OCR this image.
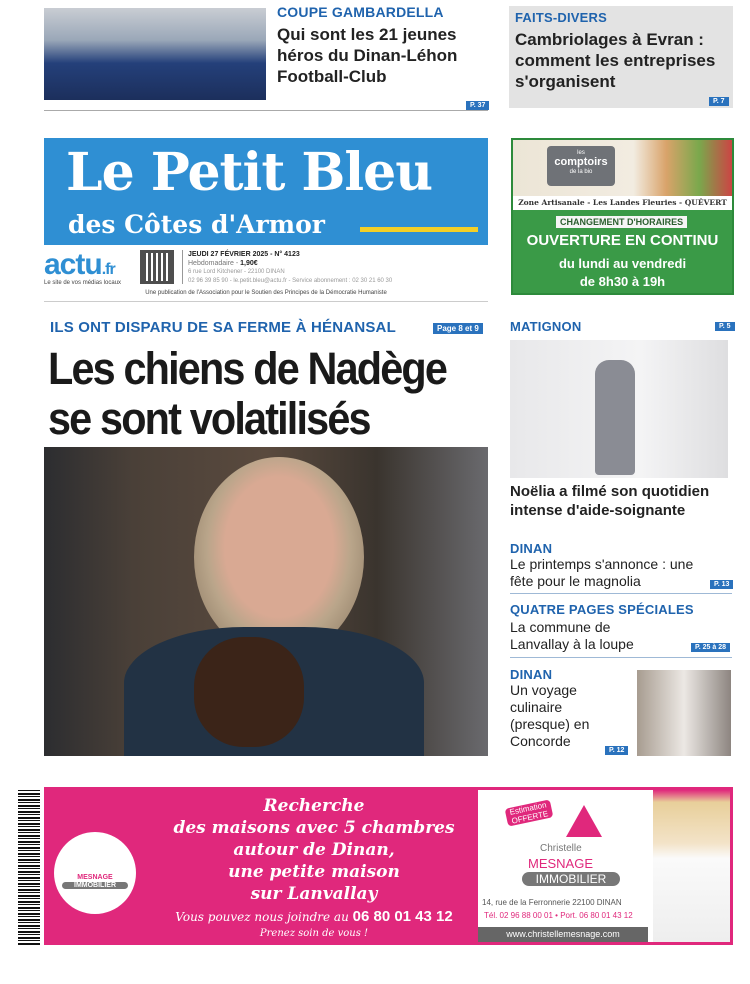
COUPE GAMBARDELLA
Qui sont les 21 jeunes héros du Dinan-Léhon Football-Club
P. 37
FAITS-DIVERS
Cambriolages à Evran : comment les entreprises s'organisent
P. 7
Le Petit Bleu
des Côtes d'Armor
actu.fr
Le site de vos médias locaux
JEUDI 27 FÉVRIER 2025 - N° 4123
Hebdomadaire - 1,90€
6 rue Lord Kitchener - 22100 DINAN
02 96 39 85 90 - le.petit.bleu@actu.fr - Service abonnement : 02 30 21 60 30
Une publication de l'Association pour le Soutien des Principes de la Démocratie Humaniste
les
comptoirs
de la bio
Zone Artisanale - Les Landes Fleuries - QUÉVERT
CHANGEMENT D'HORAIRES
OUVERTURE EN CONTINU
du lundi au vendredi
de 8h30 à 19h
ILS ONT DISPARU DE SA FERME À HÉNANSAL	Page 8 et 9
Les chiens de Nadège
se sont volatilisés
MATIGNON	P. 5
Noëlia a filmé son quotidien intense d'aide-soignante
DINAN
Le printemps s'annonce : une fête pour le magnolia	P. 13
QUATRE PAGES SPÉCIALES
La commune de Lanvallay à la loupe	P. 25 à 28
DINAN
Un voyage culinaire (presque) en Concorde
P. 12
MESNAGE
IMMOBILIER
Recherche
des maisons avec 5 chambres
autour de Dinan,
une petite maison
sur Lanvallay
Vous pouvez nous joindre au 06 80 01 43 12
Prenez soin de vous !
Estimation OFFERTE
Christelle
MESNAGE
IMMOBILIER
14, rue de la Ferronnerie 22100 DINAN
Tél. 02 96 88 00 01 • Port. 06 80 01 43 12
www.christellemesnage.com
